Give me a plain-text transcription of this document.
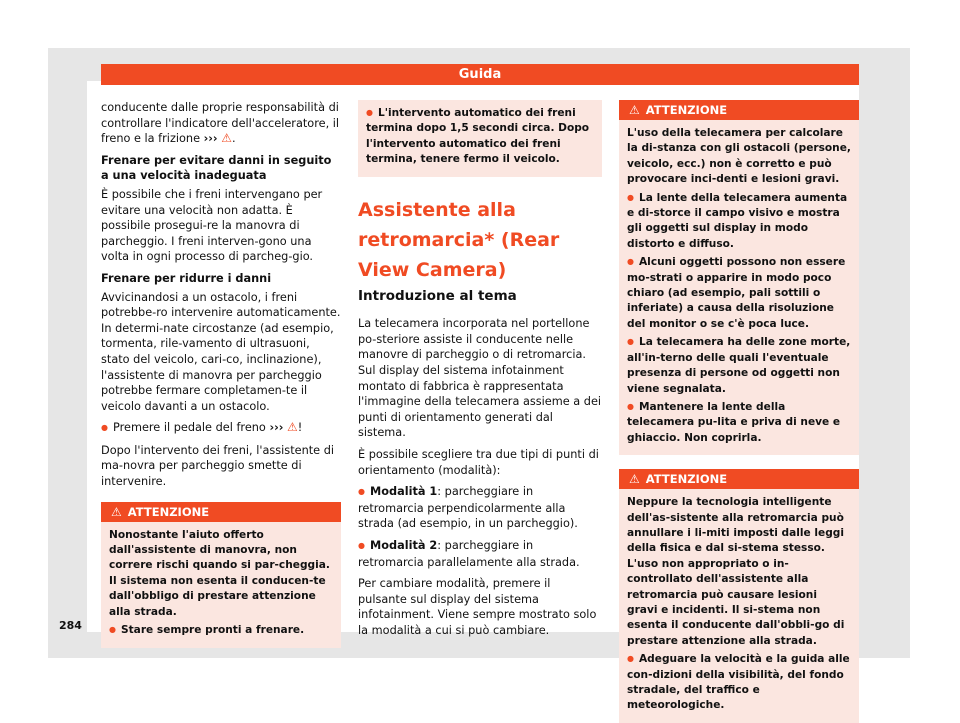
Guida

conducente dalle proprie responsabilità di controllare l'indicatore dell'acceleratore, il freno e la frizione ››› ⚠.

Frenare per evitare danni in seguito a una velocità inadeguata

È possibile che i freni intervengano per evitare una velocità non adatta. È possibile prosegui-re la manovra di parcheggio. I freni interven-gono una volta in ogni processo di parcheg-gio.

Frenare per ridurre i danni

Avvicinandosi a un ostacolo, i freni potrebbe-ro intervenire automaticamente. In determi-nate circostanze (ad esempio, tormenta, rile-vamento di ultrasuoni, stato del veicolo, cari-co, inclinazione), l'assistente di manovra per parcheggio potrebbe fermare completamen-te il veicolo davanti a un ostacolo.

● Premere il pedale del freno ››› ⚠!

Dopo l'intervento dei freni, l'assistente di ma-novra per parcheggio smette di intervenire.

⚠ ATTENZIONE

Nonostante l'aiuto offerto dall'assistente di manovra, non correre rischi quando si par-cheggia. Il sistema non esenta il conducen-te dall'obbligo di prestare attenzione alla strada.

● Stare sempre pronti a frenare.

● L'intervento automatico dei freni termina dopo 1,5 secondi circa. Dopo l'intervento automatico dei freni termina, tenere fermo il veicolo.

Assistente alla retromarcia* (Rear View Camera)
Introduzione al tema

La telecamera incorporata nel portellone po-steriore assiste il conducente nelle manovre di parcheggio o di retromarcia. Sul display del sistema infotainment montato di fabbrica è rappresentata l'immagine della telecamera assieme a dei punti di orientamento generati dal sistema.

È possibile scegliere tra due tipi di punti di orientamento (modalità):

● Modalità 1: parcheggiare in retromarcia perpendicolarmente alla strada (ad esempio, in un parcheggio).

● Modalità 2: parcheggiare in retromarcia parallelamente alla strada.

Per cambiare modalità, premere il pulsante sul display del sistema infotainment. Viene sempre mostrato solo la modalità a cui si può cambiare.

⚠ ATTENZIONE

L'uso della telecamera per calcolare la di-stanza con gli ostacoli (persone, veicolo, ecc.) non è corretto e può provocare inci-denti e lesioni gravi.

● La lente della telecamera aumenta e di-storce il campo visivo e mostra gli oggetti sul display in modo distorto e diffuso.

● Alcuni oggetti possono non essere mo-strati o apparire in modo poco chiaro (ad esempio, pali sottili o inferiate) a causa della risoluzione del monitor o se c'è poca luce.

● La telecamera ha delle zone morte, all'in-terno delle quali l'eventuale presenza di persone od oggetti non viene segnalata.

● Mantenere la lente della telecamera pu-lita e priva di neve e ghiaccio. Non coprirla.

⚠ ATTENZIONE

Neppure la tecnologia intelligente dell'as-sistente alla retromarcia può annullare i li-miti imposti dalle leggi della fisica e dal si-stema stesso. L'uso non appropriato o in-controllato dell'assistente alla retromarcia può causare lesioni gravi e incidenti. Il si-stema non esenta il conducente dall'obbli-go di prestare attenzione alla strada.

● Adeguare la velocità e la guida alle con-dizioni della visibilità, del fondo stradale, del traffico e meteorologiche.

284
